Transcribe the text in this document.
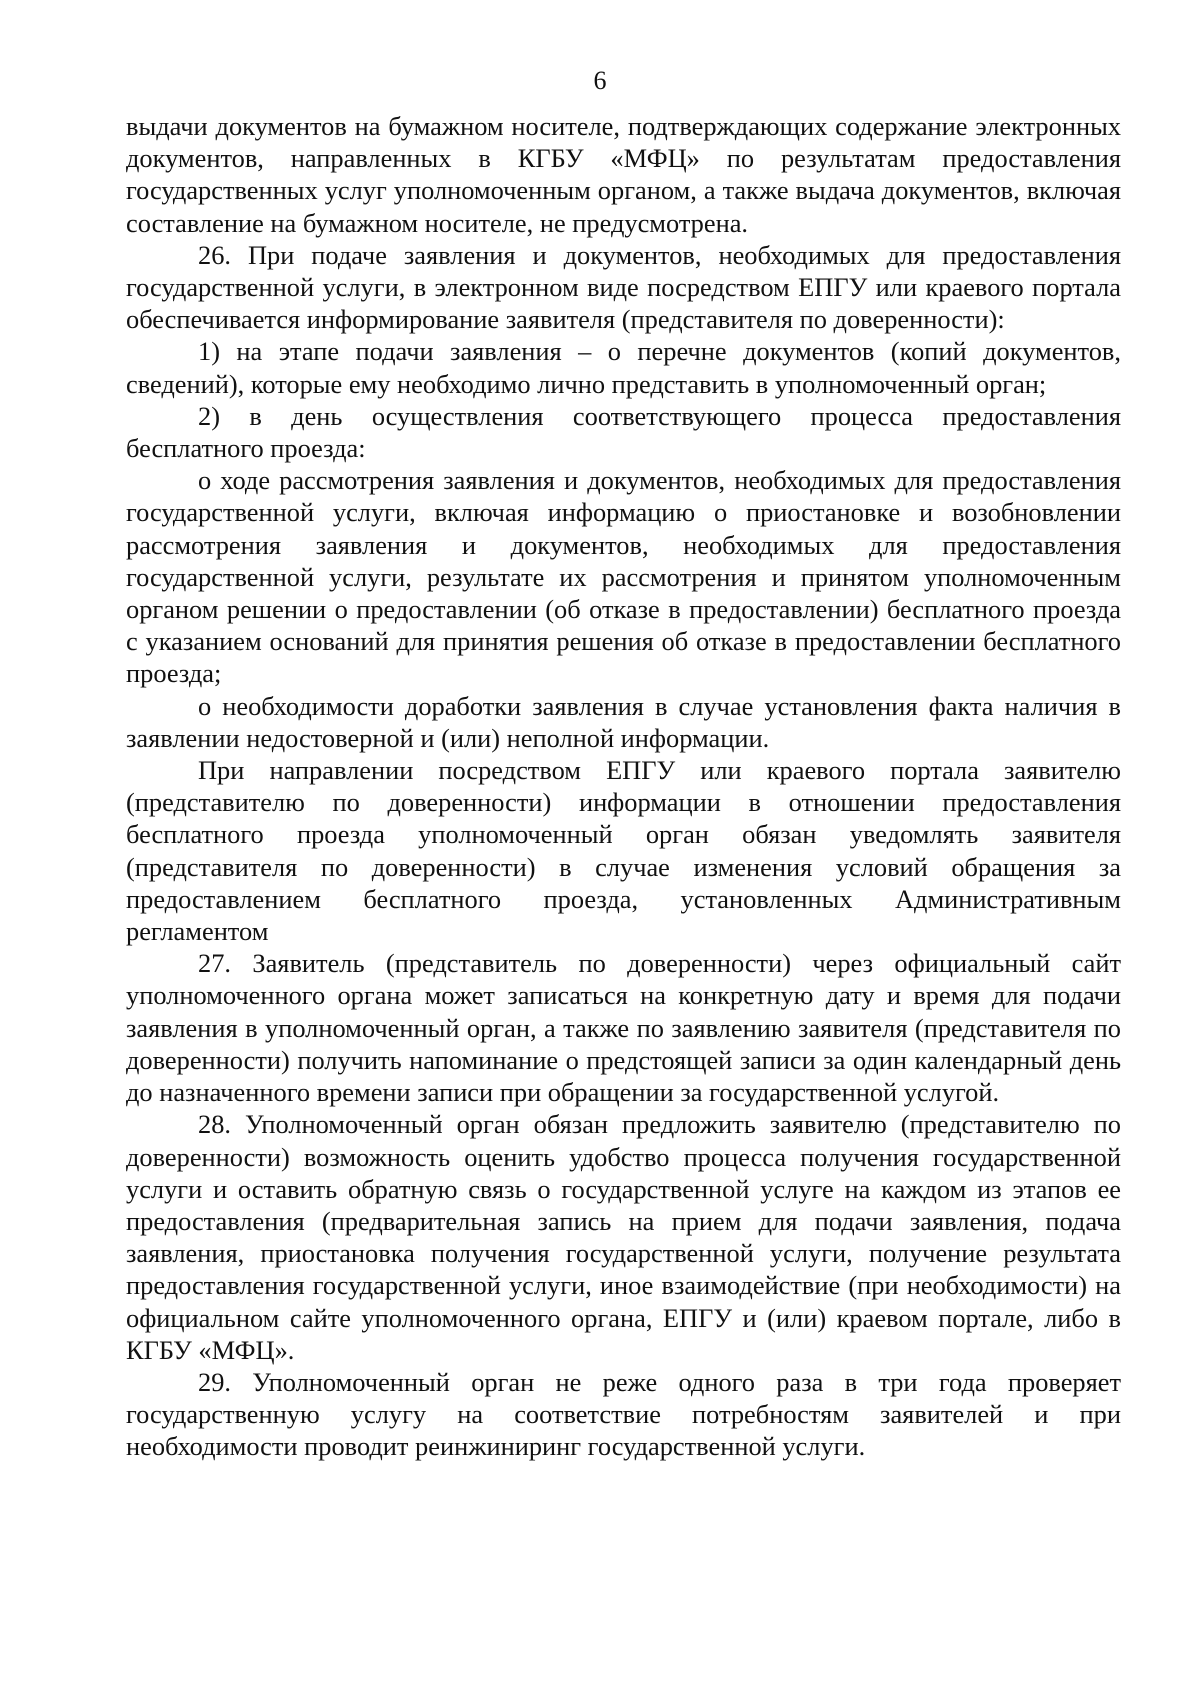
6

выдачи документов на бумажном носителе, подтверждающих содержание электронных документов, направленных в КГБУ «МФЦ» по результатам предоставления государственных услуг уполномоченным органом, а также выдача документов, включая составление на бумажном носителе, не предусмотрена.

26. При подаче заявления и документов, необходимых для предоставления государственной услуги, в электронном виде посредством ЕПГУ или краевого портала обеспечивается информирование заявителя (представителя по доверенности):

1) на этапе подачи заявления – о перечне документов (копий документов, сведений), которые ему необходимо лично представить в уполномоченный орган;

2) в день осуществления соответствующего процесса предоставления бесплатного проезда:

о ходе рассмотрения заявления и документов, необходимых для предоставления государственной услуги, включая информацию о приостановке и возобновлении рассмотрения заявления и документов, необходимых для предоставления государственной услуги, результате их рассмотрения и принятом уполномоченным органом решении о предоставлении (об отказе в предоставлении) бесплатного проезда с указанием оснований для принятия решения об отказе в предоставлении бесплатного проезда;

о необходимости доработки заявления в случае установления факта наличия в заявлении недостоверной и (или) неполной информации.

При направлении посредством ЕПГУ или краевого портала заявителю (представителю по доверенности) информации в отношении предоставления бесплатного проезда уполномоченный орган обязан уведомлять заявителя (представителя по доверенности) в случае изменения условий обращения за предоставлением бесплатного проезда, установленных Административным регламентом

27. Заявитель (представитель по доверенности) через официальный сайт уполномоченного органа может записаться на конкретную дату и время для подачи заявления в уполномоченный орган, а также по заявлению заявителя (представителя по доверенности) получить напоминание о предстоящей записи за один календарный день до назначенного времени записи при обращении за государственной услугой.

28. Уполномоченный орган обязан предложить заявителю (представителю по доверенности) возможность оценить удобство процесса получения государственной услуги и оставить обратную связь о государственной услуге на каждом из этапов ее предоставления (предварительная запись на прием для подачи заявления, подача заявления, приостановка получения государственной услуги, получение результата предоставления государственной услуги, иное взаимодействие (при необходимости) на официальном сайте уполномоченного органа, ЕПГУ и (или) краевом портале, либо в КГБУ «МФЦ».

29. Уполномоченный орган не реже одного раза в три года проверяет государственную услугу на соответствие потребностям заявителей и при необходимости проводит реинжиниринг государственной услуги.
